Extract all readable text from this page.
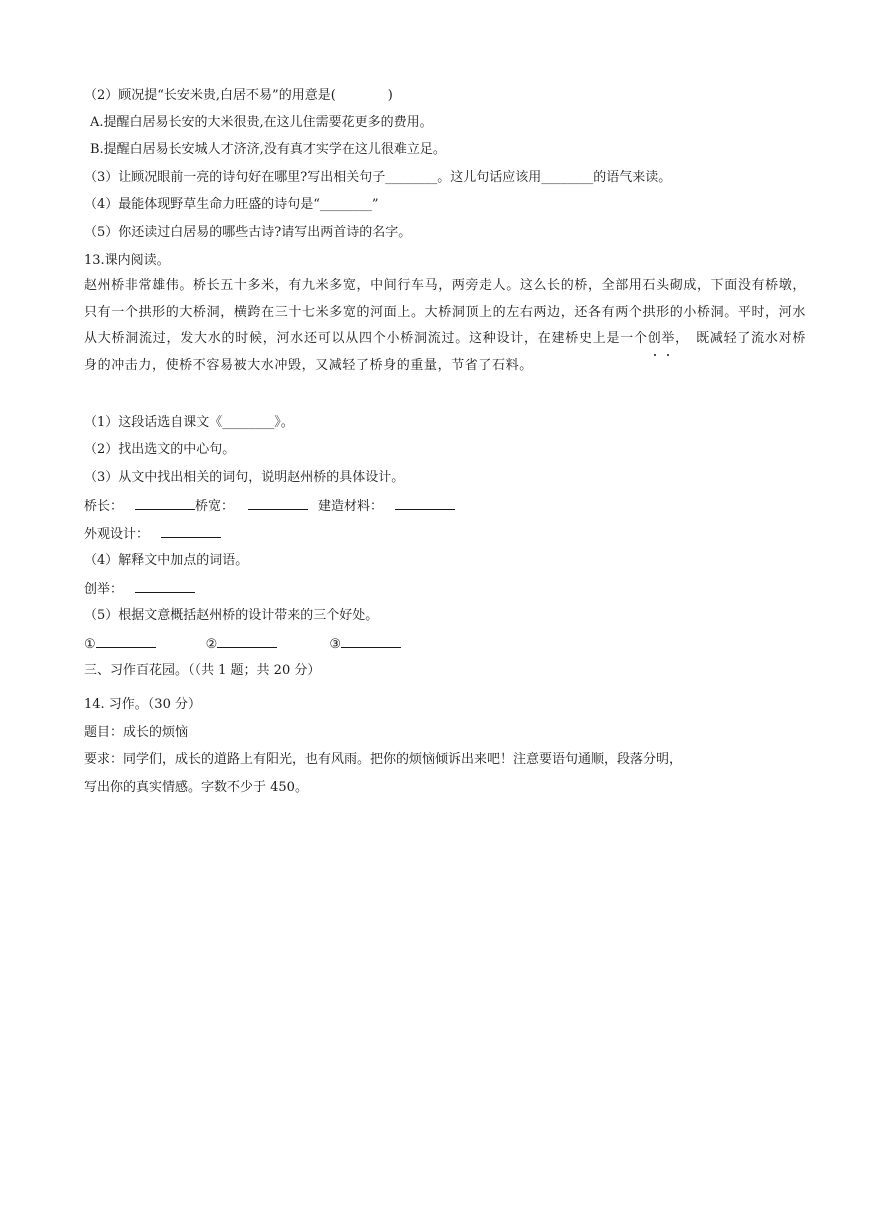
（2）顾况提“长安米贵,白居不易”的用意是(　　　　)
A.提醒白居易长安的大米很贵,在这儿住需要花更多的费用。
B.提醒白居易长安城人才济济,没有真才实学在这儿很难立足。
（3）让顾况眼前一亮的诗句好在哪里?写出相关句子________。这儿句话应该用________的语气来读。
（4）最能体现野草生命力旺盛的诗句是“________”
（5）你还读过白居易的哪些古诗?请写出两首诗的名字。
13.课内阅读。
赵州桥非常雄伟。桥长五十多米，有九米多宽，中间行车马，两旁走人。这么长的桥，全部用石头砌成，下面没有桥墩，只有一个拱形的大桥洞，横跨在三十七米多宽的河面上。大桥洞顶上的左右两边，还各有两个拱形的小桥洞。平时，河水从大桥洞流过，发大水的时候，河水还可以从四个小桥洞流过。这种设计，在建桥史上是一个创举，　既减轻了流水对桥身的冲击力，使桥不容易被大水冲毁，又减轻了桥身的重量，节省了石料。
（1）这段话选自课文《________》。
（2）找出选文的中心句。
（3）从文中找出相关的词句，说明赵州桥的具体设计。
桥长：	桥宽：	建造材料：
外观设计：
（4）解释文中加点的词语。
创举：
（5）根据文意概括赵州桥的设计带来的三个好处。
①	②	③
三、习作百花园。（（共 1 题；共 20 分）
14. 习作。（30 分）
题目：成长的烦恼
要求：同学们，成长的道路上有阳光，也有风雨。把你的烦恼倾诉出来吧！注意要语句通顺，段落分明，
写出你的真实情感。字数不少于 450。
